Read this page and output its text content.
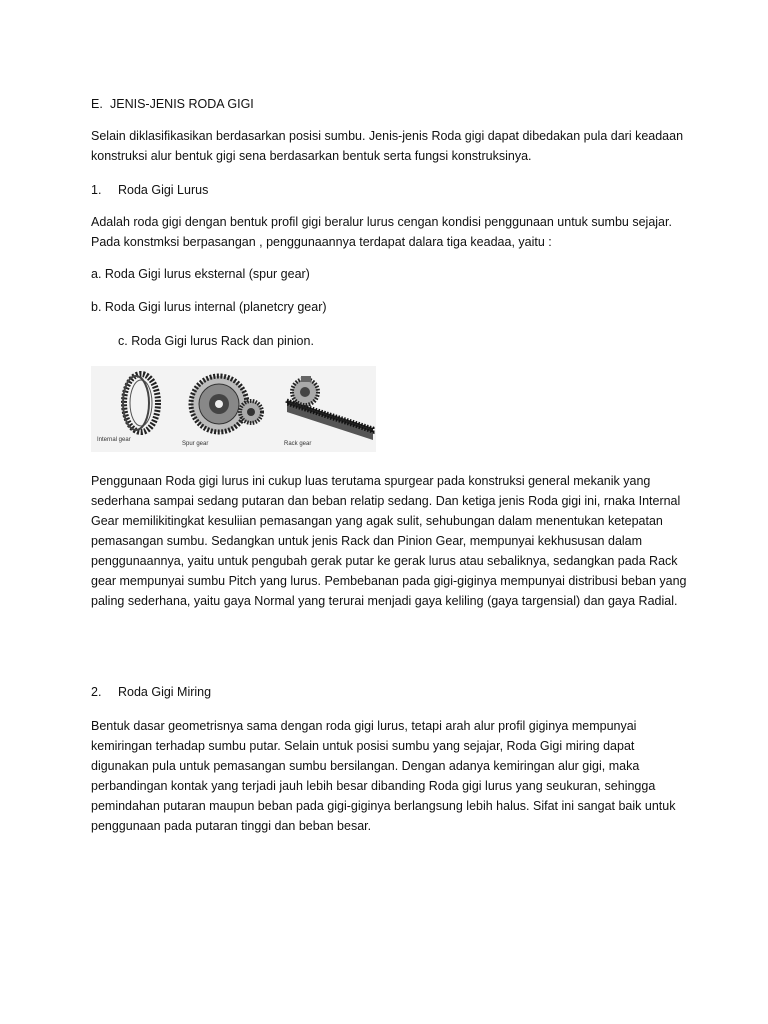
E. JENIS-JENIS RODA GIGI

Selain diklasifikasikan berdasarkan posisi sumbu. Jenis-jenis Roda gigi dapat dibedakan pula dari keadaan konstruksi alur bentuk gigi sena berdasarkan bentuk serta fungsi konstruksinya.

1. Roda Gigi Lurus

Adalah roda gigi dengan bentuk profil gigi beralur lurus cengan kondisi penggunaan untuk sumbu sejajar. Pada konstmksi berpasangan , penggunaannya terdapat dalara tiga keadaa, yaitu :

a. Roda Gigi lurus eksternal (spur gear)

b. Roda Gigi lurus internal (planetcry gear)

c. Roda Gigi lurus Rack dan pinion.

Internal gear
Spur gear	Rack gear

Penggunaan Roda gigi lurus ini cukup luas terutama spurgear pada konstruksi general mekanik yang sederhana sampai sedang putaran dan beban relatip sedang. Dan ketiga jenis Roda gigi ini, rnaka Internal Gear memilikitingkat kesuliian pemasangan yang agak sulit, sehubungan dalam menentukan ketepatan pemasangan sumbu. Sedangkan untuk jenis Rack dan Pinion Gear, mempunyai kekhususan dalam penggunaannya, yaitu untuk pengubah gerak putar ke gerak lurus atau sebaliknya, sedangkan pada Rack gear mempunyai sumbu Pitch yang lurus. Pembebanan pada gigi-giginya mempunyai distribusi beban yang paling sederhana, yaitu gaya Normal yang terurai menjadi gaya keliling (gaya targensial) dan gaya Radial.

2. Roda Gigi Miring

Bentuk dasar geometrisnya sama dengan roda gigi lurus, tetapi arah alur profil giginya mempunyai kemiringan terhadap sumbu putar. Selain untuk posisi sumbu yang sejajar, Roda Gigi miring dapat digunakan pula untuk pemasangan sumbu bersilangan. Dengan adanya kemiringan alur gigi, maka perbandingan kontak yang terjadi jauh lebih besar dibanding Roda gigi lurus yang seukuran, sehingga pemindahan putaran maupun beban pada gigi-giginya berlangsung lebih halus. Sifat ini sangat baik untuk penggunaan pada putaran tinggi dan beban besar.
